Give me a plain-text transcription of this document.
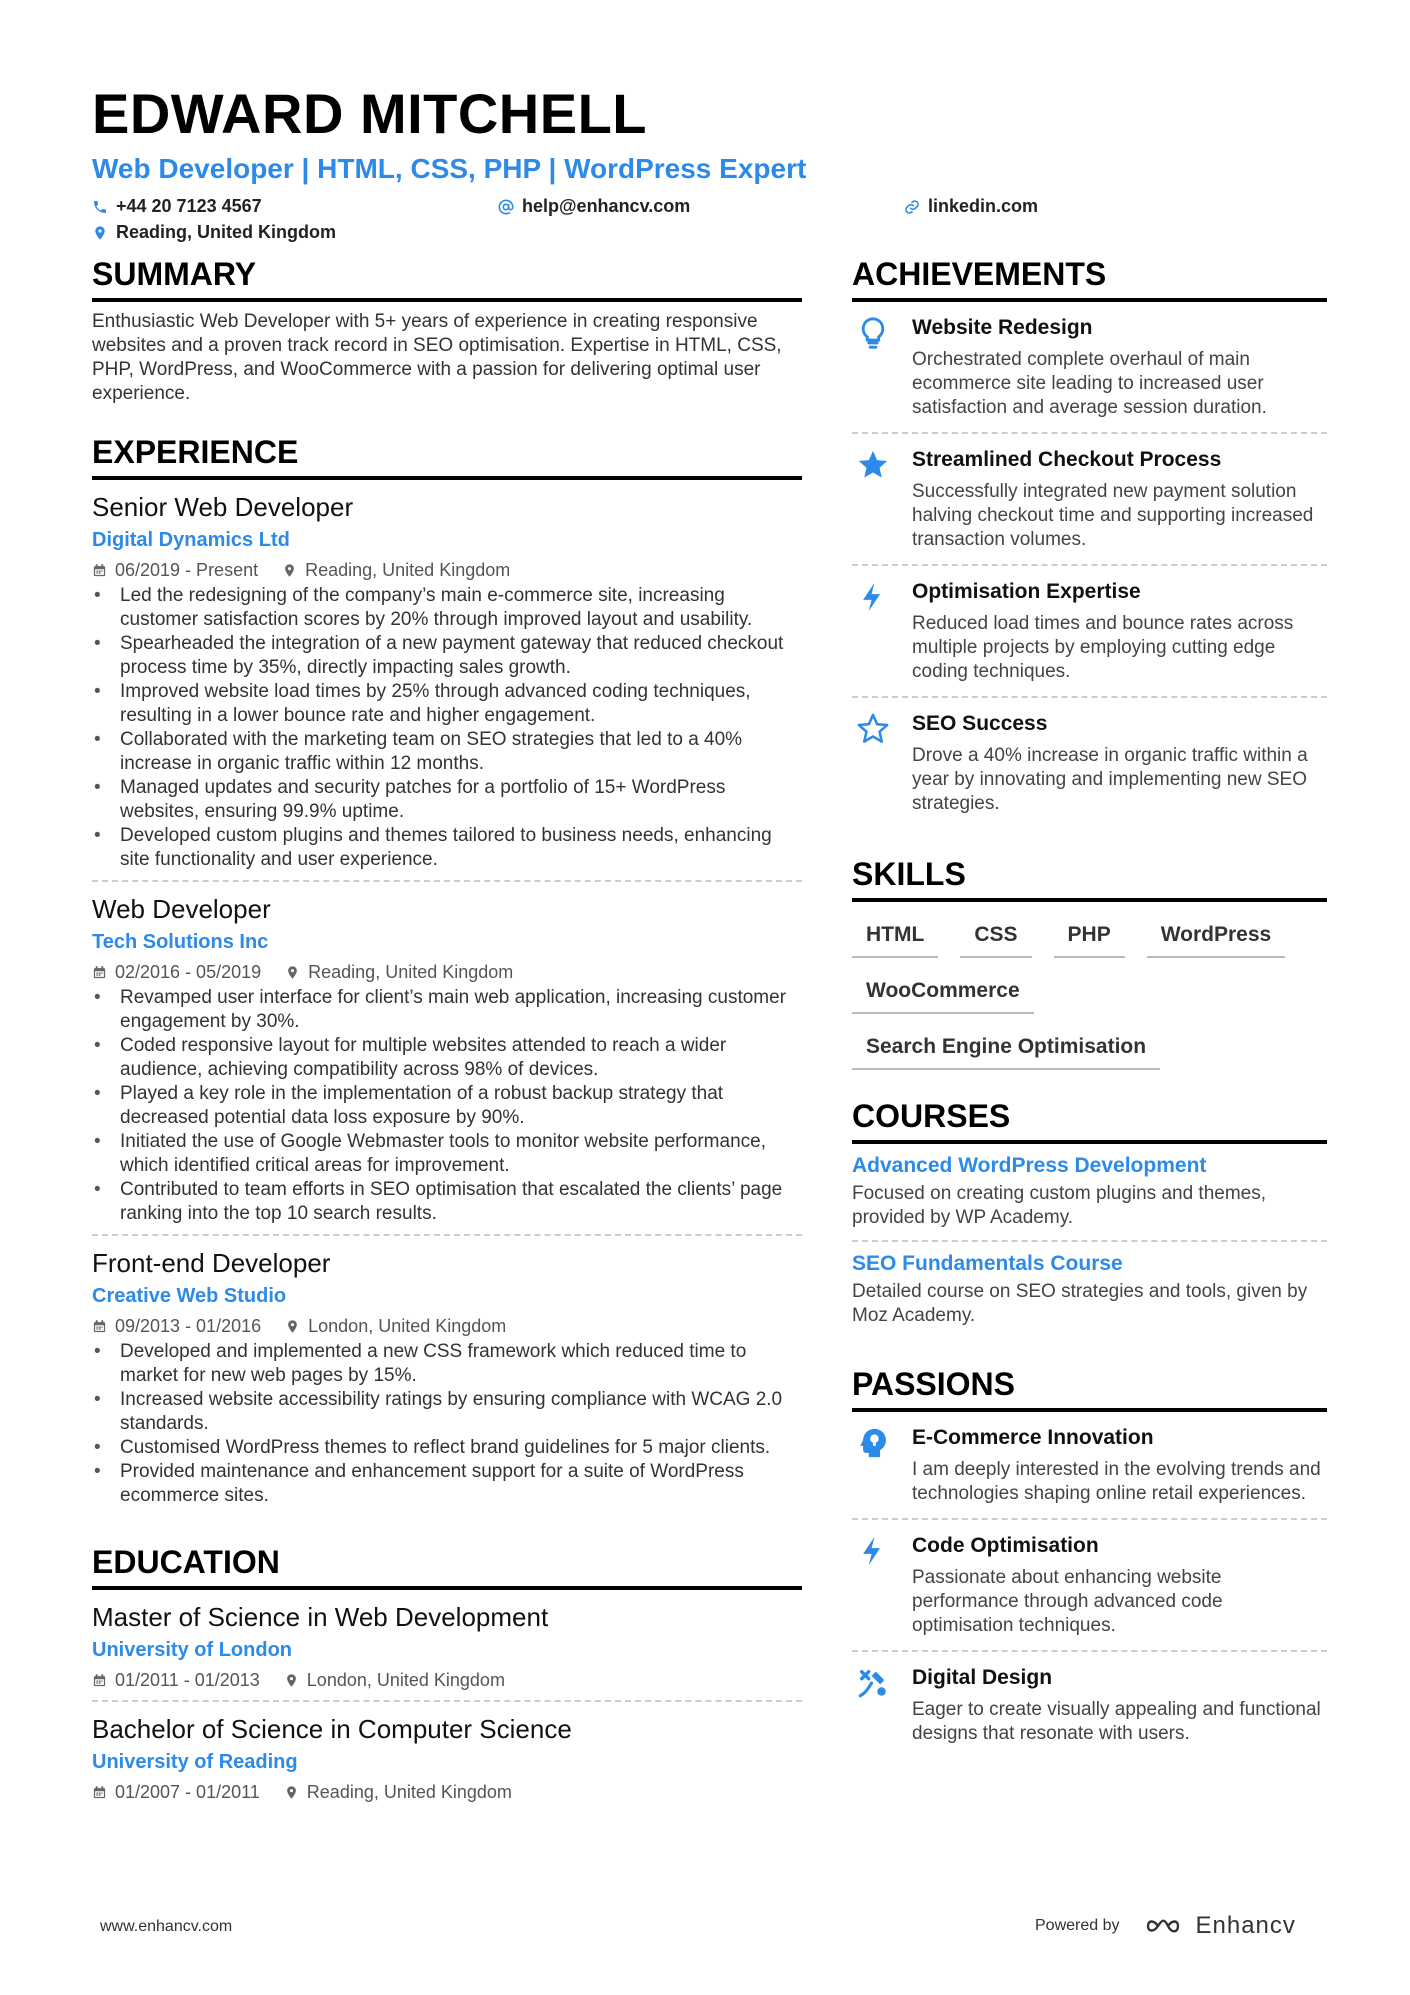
EDWARD MITCHELL
Web Developer | HTML, CSS, PHP | WordPress Expert
+44 20 7123 4567	help@enhancv.com	linkedin.com
Reading, United Kingdom
SUMMARY
Enthusiastic Web Developer with 5+ years of experience in creating responsive websites and a proven track record in SEO optimisation. Expertise in HTML, CSS, PHP, WordPress, and WooCommerce with a passion for delivering optimal user experience.
EXPERIENCE
Senior Web Developer
Digital Dynamics Ltd
06/2019 - Present	Reading, United Kingdom
• Led the redesigning of the company’s main e-commerce site, increasing customer satisfaction scores by 20% through improved layout and usability.
• Spearheaded the integration of a new payment gateway that reduced checkout process time by 35%, directly impacting sales growth.
• Improved website load times by 25% through advanced coding techniques, resulting in a lower bounce rate and higher engagement.
• Collaborated with the marketing team on SEO strategies that led to a 40% increase in organic traffic within 12 months.
• Managed updates and security patches for a portfolio of 15+ WordPress websites, ensuring 99.9% uptime.
• Developed custom plugins and themes tailored to business needs, enhancing site functionality and user experience.
Web Developer
Tech Solutions Inc
02/2016 - 05/2019	Reading, United Kingdom
• Revamped user interface for client’s main web application, increasing customer engagement by 30%.
• Coded responsive layout for multiple websites attended to reach a wider audience, achieving compatibility across 98% of devices.
• Played a key role in the implementation of a robust backup strategy that decreased potential data loss exposure by 90%.
• Initiated the use of Google Webmaster tools to monitor website performance, which identified critical areas for improvement.
• Contributed to team efforts in SEO optimisation that escalated the clients’ page ranking into the top 10 search results.
Front-end Developer
Creative Web Studio
09/2013 - 01/2016	London, United Kingdom
• Developed and implemented a new CSS framework which reduced time to market for new web pages by 15%.
• Increased website accessibility ratings by ensuring compliance with WCAG 2.0 standards.
• Customised WordPress themes to reflect brand guidelines for 5 major clients.
• Provided maintenance and enhancement support for a suite of WordPress ecommerce sites.
EDUCATION
Master of Science in Web Development
University of London
01/2011 - 01/2013	London, United Kingdom
Bachelor of Science in Computer Science
University of Reading
01/2007 - 01/2011	Reading, United Kingdom
ACHIEVEMENTS
Website Redesign
Orchestrated complete overhaul of main ecommerce site leading to increased user satisfaction and average session duration.
Streamlined Checkout Process
Successfully integrated new payment solution halving checkout time and supporting increased transaction volumes.
Optimisation Expertise
Reduced load times and bounce rates across multiple projects by employing cutting edge coding techniques.
SEO Success
Drove a 40% increase in organic traffic within a year by innovating and implementing new SEO strategies.
SKILLS
HTML	CSS	PHP	WordPress
WooCommerce
Search Engine Optimisation
COURSES
Advanced WordPress Development
Focused on creating custom plugins and themes, provided by WP Academy.
SEO Fundamentals Course
Detailed course on SEO strategies and tools, given by Moz Academy.
PASSIONS
E-Commerce Innovation
I am deeply interested in the evolving trends and technologies shaping online retail experiences.
Code Optimisation
Passionate about enhancing website performance through advanced code optimisation techniques.
Digital Design
Eager to create visually appealing and functional designs that resonate with users.
www.enhancv.com	Powered by	Enhancv
